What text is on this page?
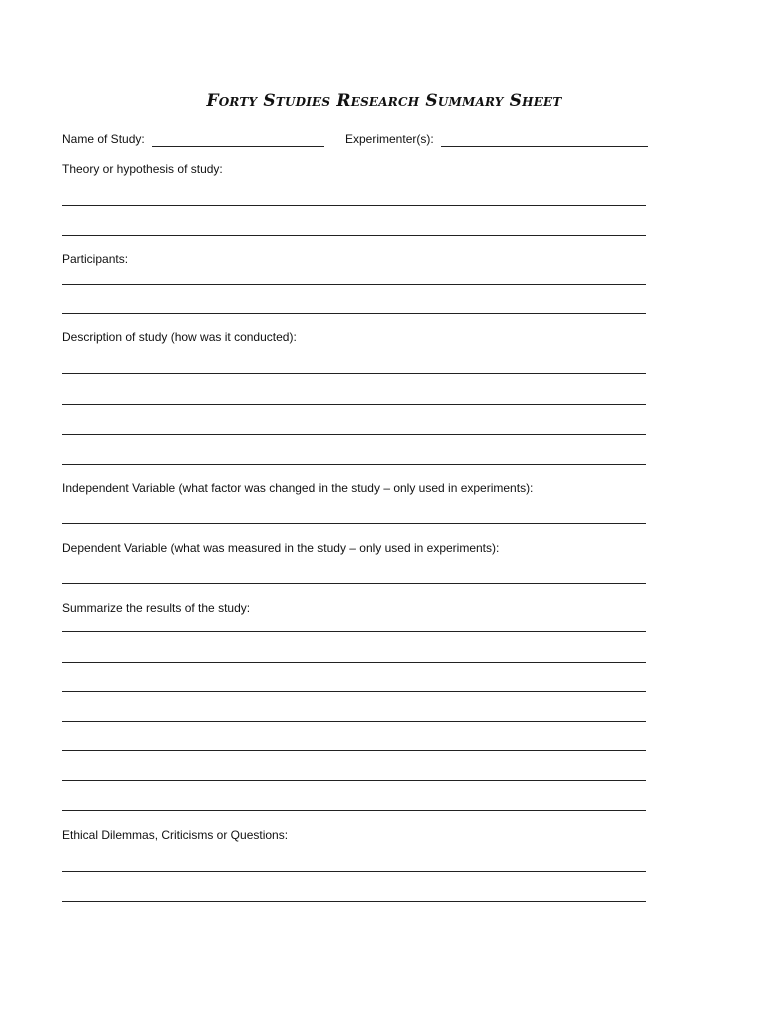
Forty Studies Research Summary Sheet
Name of Study:	Experimenter(s):
Theory or hypothesis of study:
Participants:
Description of study (how was it conducted):
Independent Variable (what factor was changed in the study – only used in experiments):
Dependent Variable (what was measured in the study – only used in experiments):
Summarize the results of the study:
Ethical Dilemmas, Criticisms or Questions:
